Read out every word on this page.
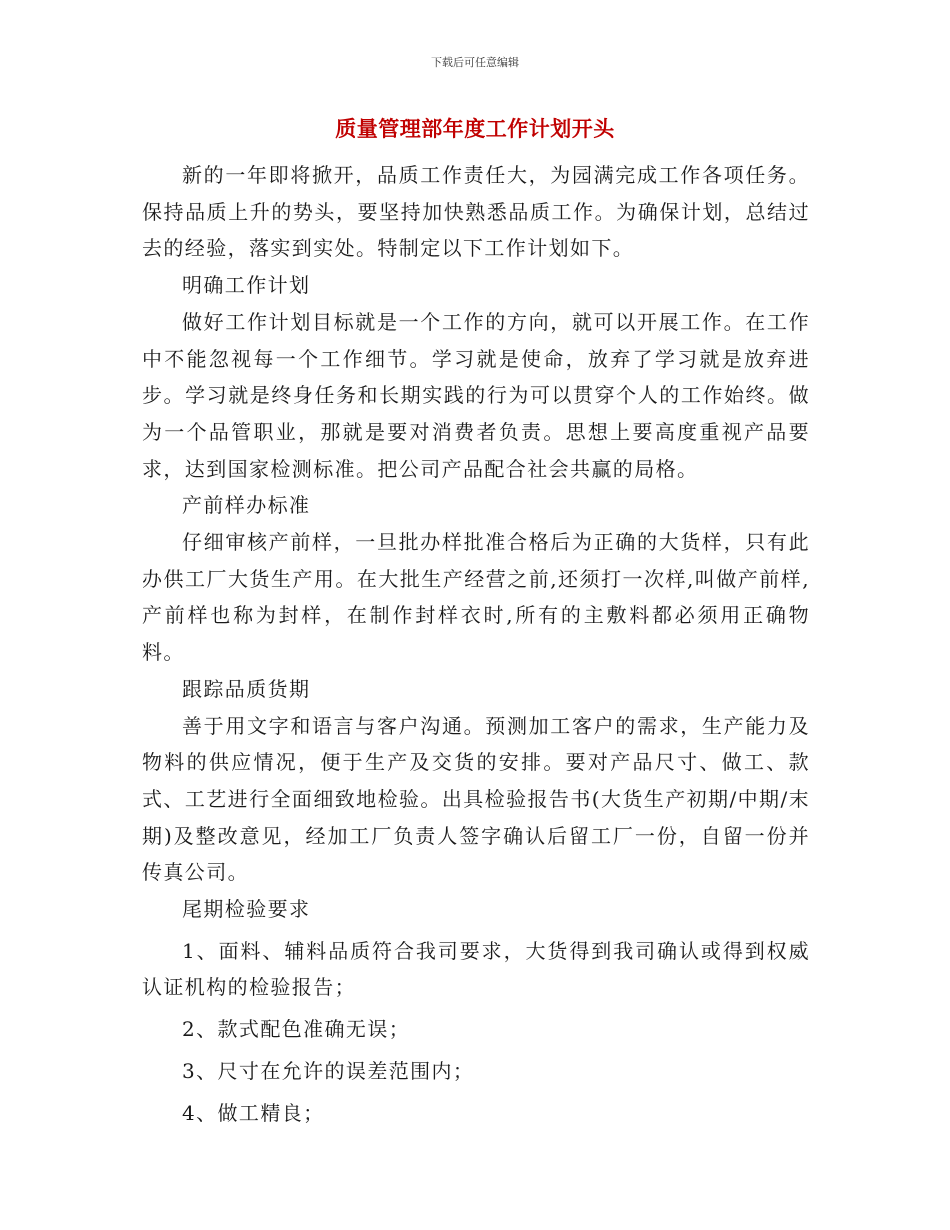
下载后可任意编辑
质量管理部年度工作计划开头

新的一年即将掀开，品质工作责任大，为园满完成工作各项任务。保持品质上升的势头，要坚持加快熟悉品质工作。为确保计划，总结过去的经验，落实到实处。特制定以下工作计划如下。

明确工作计划

做好工作计划目标就是一个工作的方向，就可以开展工作。在工作中不能忽视每一个工作细节。学习就是使命，放弃了学习就是放弃进步。学习就是终身任务和长期实践的行为可以贯穿个人的工作始终。做为一个品管职业，那就是要对消费者负责。思想上要高度重视产品要求，达到国家检测标准。把公司产品配合社会共赢的局格。

产前样办标准

仔细审核产前样，一旦批办样批准合格后为正确的大货样，只有此办供工厂大货生产用。在大批生产经营之前,还须打一次样,叫做产前样,产前样也称为封样，在制作封样衣时,所有的主敷料都必须用正确物料。

跟踪品质货期

善于用文字和语言与客户沟通。预测加工客户的需求，生产能力及物料的供应情况，便于生产及交货的安排。要对产品尺寸、做工、款式、工艺进行全面细致地检验。出具检验报告书(大货生产初期/中期/末期)及整改意见，经加工厂负责人签字确认后留工厂一份，自留一份并传真公司。

尾期检验要求

1、面料、辅料品质符合我司要求，大货得到我司确认或得到权威认证机构的检验报告；

2、款式配色准确无误；

3、尺寸在允许的误差范围内；

4、做工精良；
